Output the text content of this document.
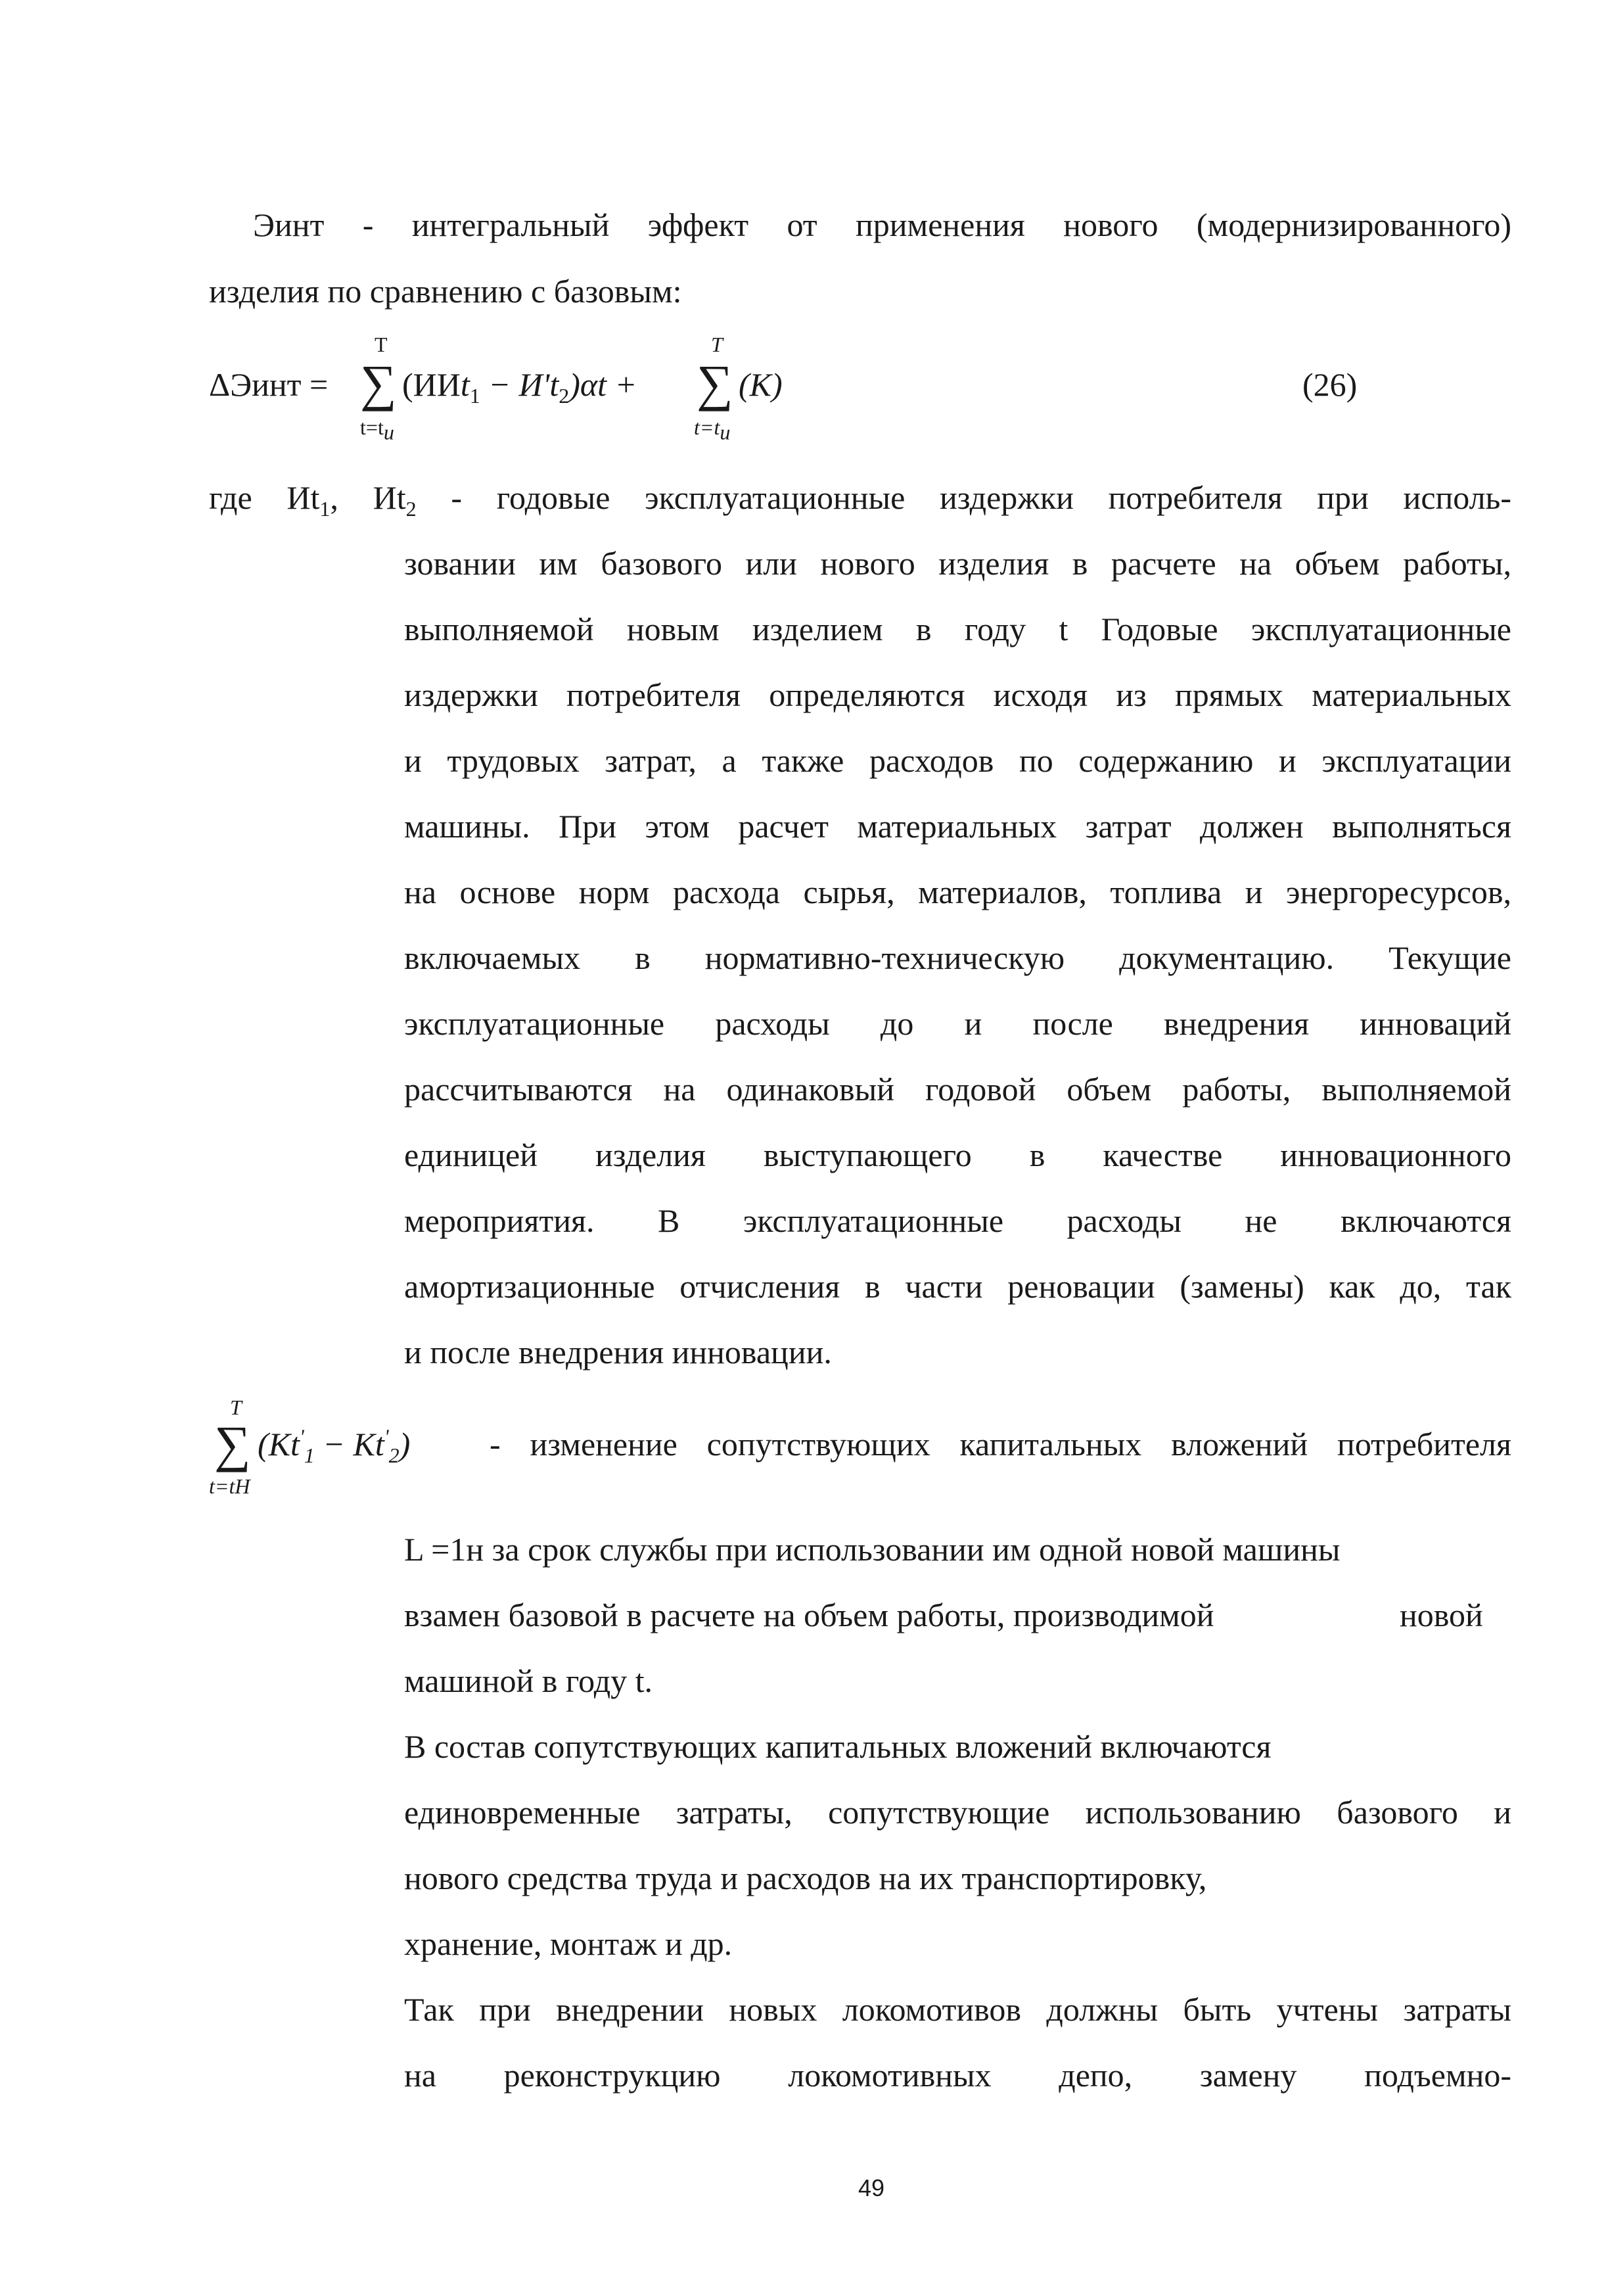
Эинт - интегральный эффект от применения нового (модернизированного)
изделия по сравнению с базовым:
ΔЭинт =
T
∑
$t=t_и$
$(ИИt_1 - И't_2)\alpha t$ +
T
∑
$t=t_и$
(K)	(26)
где $Иt_1$, $Иt_2$ - годовые эксплуатационные издержки потребителя при исполь-
зовании им базового или нового изделия в расчете на объем работы,
выполняемой новым изделием в году t Годовые эксплуатационные
издержки потребителя определяются исходя из прямых материальных
и трудовых затрат, а также расходов по содержанию и эксплуатации
машины. При этом расчет материальных затрат должен выполняться
на основе норм расхода сырья, материалов, топлива и энергоресурсов,
включаемых в нормативно-техническую документацию. Текущие
эксплуатационные расходы до и после внедрения инноваций
рассчитываются на одинаковый годовой объем работы, выполняемой
единицей изделия выступающего в качестве инновационного
мероприятия. В эксплуатационные расходы не включаются
амортизационные отчисления в части реновации (замены) как до, так
и после внедрения инновации.
T
∑
t=tH
$(Kt'_1 - Kt'_2)$ - изменение сопутствующих капитальных вложений потребителя
L =1н за срок службы при использовании им одной новой машины
взамен базовой в расчете на объем работы, производимой	новой
машиной в году t.
В состав сопутствующих капитальных вложений включаются
единовременные затраты, сопутствующие использованию базового и
нового средства труда и расходов на их транспортировку,
хранение, монтаж и др.
Так при внедрении новых локомотивов должны быть учтены затраты
на реконструкцию локомотивных депо, замену подъемно-
49
